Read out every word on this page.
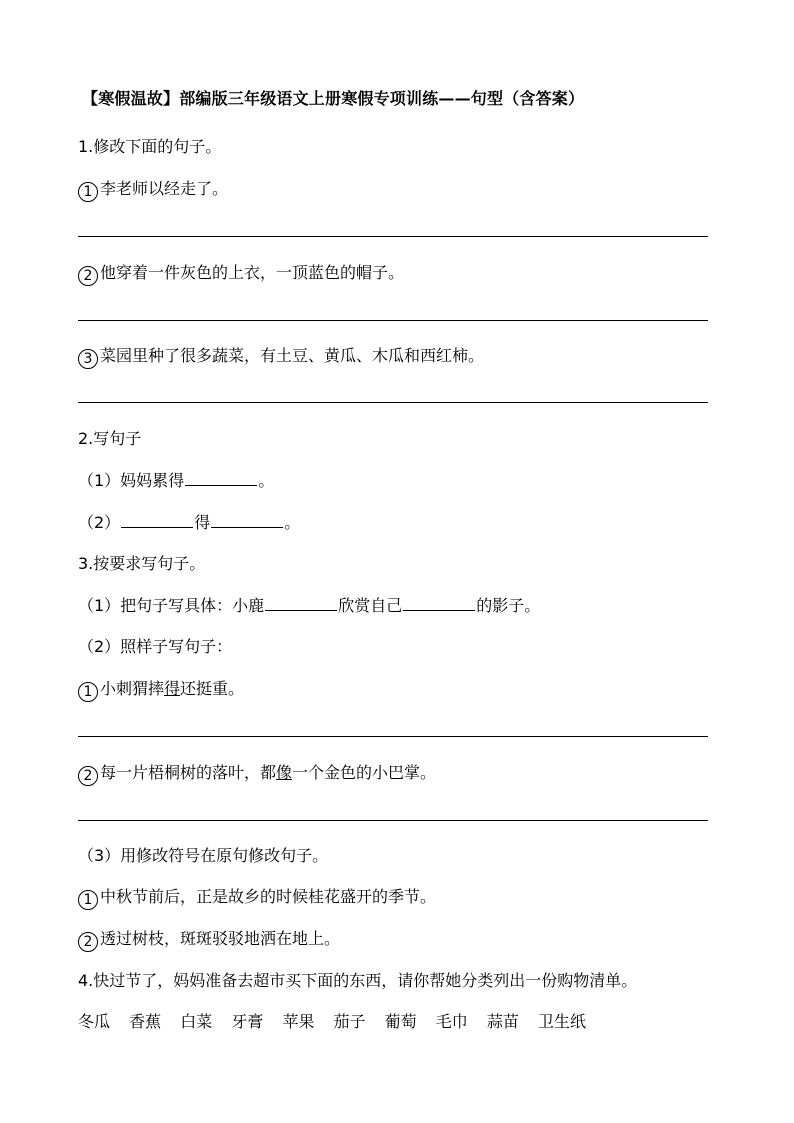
【寒假温故】部编版三年级语文上册寒假专项训练——句型（含答案）
1.修改下面的句子。
1 李老师以经走了。
2 他穿着一件灰色的上衣，一顶蓝色的帽子。
3 菜园里种了很多蔬菜，有土豆、黄瓜、木瓜和西红柿。
2.写句子
（1）妈妈累得	。
（2）	得	。
3.按要求写句子。
（1）把句子写具体：小鹿	欣赏自己	的影子。
（2）照样子写句子：
1 小刺猬摔得还挺重。
2 每一片梧桐树的落叶，都像一个金色的小巴掌。
（3）用修改符号在原句修改句子。
1 中秋节前后，正是故乡的时候桂花盛开的季节。
2 透过树枝，斑斑驳驳地洒在地上。
4.快过节了，妈妈准备去超市买下面的东西，请你帮她分类列出一份购物清单。
冬瓜 香蕉 白菜 牙膏 苹果 茄子 葡萄 毛巾 蒜苗 卫生纸
